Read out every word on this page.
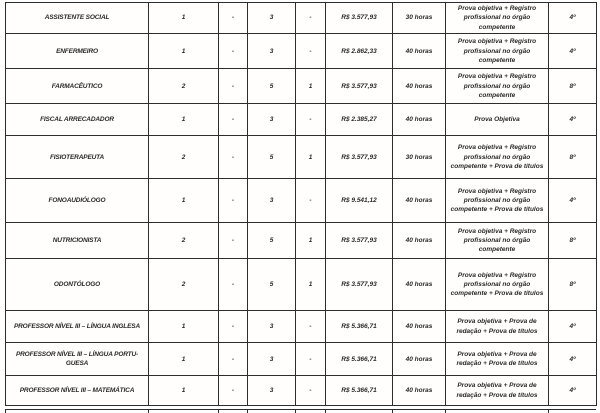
ASSISTENTE SOCIAL	1	-	3	-	R$ 3.577,93	30 horas	Prova objetiva + Registro profissional no órgão competente	4º
ENFERMEIRO	1	-	3	-	R$ 2.862,33	40 horas	Prova objetiva + Registro profissional no órgão competente	4º
FARMACÊUTICO	2	-	5	1	R$ 3.577,93	40 horas	Prova objetiva + Registro profissional no órgão competente	8º
FISCAL ARRECADADOR	1	-	3	-	R$ 2.385,27	40 horas	Prova Objetiva	4º
FISIOTERAPEUTA	2	-	5	1	R$ 3.577,93	30 horas	Prova objetiva + Registro profissional no órgão competente + Prova de títulos	8º
FONOAUDIÓLOGO	1	-	3	-	R$ 9.541,12	40 horas	Prova objetiva + Registro profissional no órgão competente + Prova de títulos	4º
NUTRICIONISTA	2	-	5	1	R$ 3.577,93	40 horas	Prova objetiva + Registro profissional no órgão competente	8º
ODONTÓLOGO	2	-	5	1	R$ 3.577,93	40 horas	Prova objetiva + Registro profissional no órgão competente + Prova de títulos	8º
PROFESSOR NÍVEL III – LÍNGUA INGLESA	1	-	3	-	R$ 5.366,71	40 horas	Prova objetiva + Prova de redação + Prova de títulos	4º
PROFESSOR NÍVEL III – LÍNGUA PORTU-GUESA	1	-	3	-	R$ 5.366,71	40 horas	Prova objetiva + Prova de redação + Prova de títulos	4º
PROFESSOR NÍVEL III – MATEMÁTICA	1	-	3	-	R$ 5.366,71	40 horas	Prova objetiva + Prova de redação + Prova de títulos	4º
